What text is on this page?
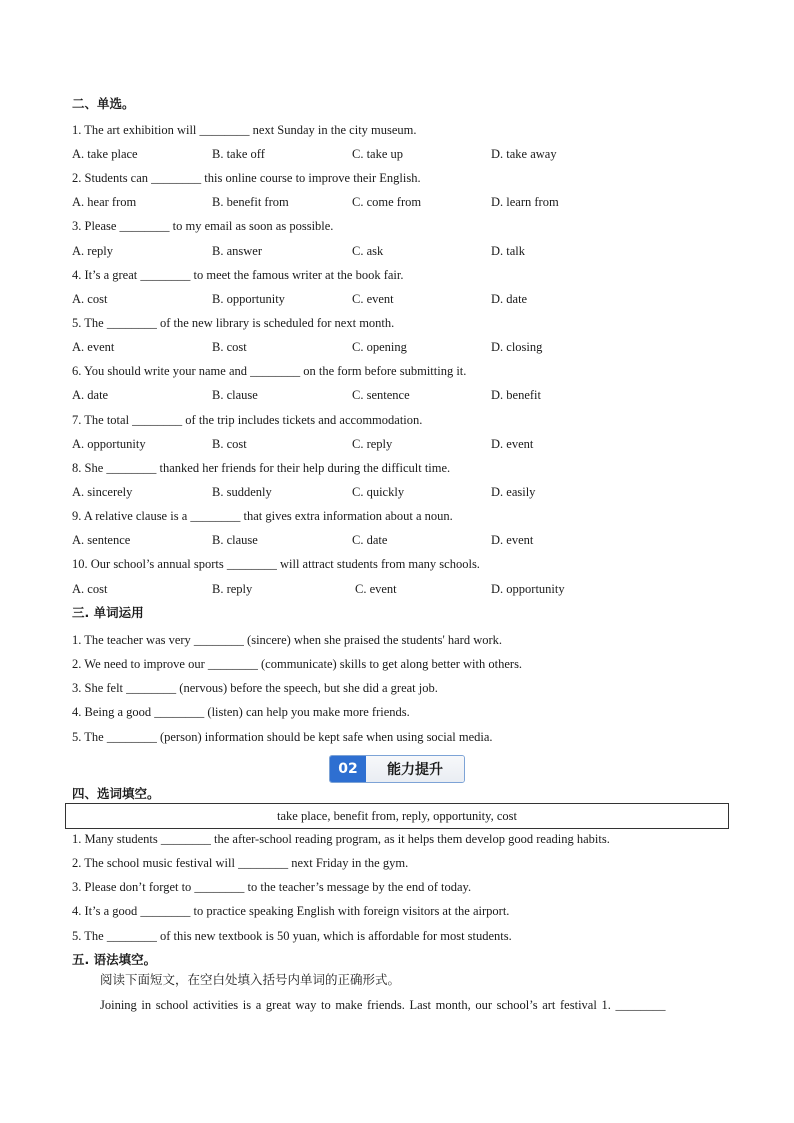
二、单选。
1. The art exhibition will ________ next Sunday in the city museum.
A. take place	B. take off	C. take up	D. take away
2. Students can ________ this online course to improve their English.
A. hear from	B. benefit from	C. come from	D. learn from
3. Please ________ to my email as soon as possible.
A. reply	B. answer	C. ask	D. talk
4. It’s a great ________ to meet the famous writer at the book fair.
A. cost	B. opportunity	C. event	D. date
5. The ________ of the new library is scheduled for next month.
A. event	B. cost	C. opening	D. closing
6. You should write your name and ________ on the form before submitting it.
A. date	B. clause	C. sentence	D. benefit
7. The total ________ of the trip includes tickets and accommodation.
A. opportunity	B. cost	C. reply	D. event
8. She ________ thanked her friends for their help during the difficult time.
A. sincerely	B. suddenly	C. quickly	D. easily
9. A relative clause is a ________ that gives extra information about a noun.
A. sentence	B. clause	C. date	D. event
10. Our school’s annual sports ________ will attract students from many schools.
A. cost	B. reply	C. event	D. opportunity
三. 单词运用
1. The teacher was very ________ (sincere) when she praised the students' hard work.
2. We need to improve our ________ (communicate) skills to get along better with others.
3. She felt ________ (nervous) before the speech, but she did a great job.
4. Being a good ________ (listen) can help you make more friends.
5. The ________ (person) information should be kept safe when using social media.
02	能力提升
四、选词填空。
take place, benefit from, reply, opportunity, cost
1. Many students ________ the after-school reading program, as it helps them develop good reading habits.
2. The school music festival will ________ next Friday in the gym.
3. Please don’t forget to ________ to the teacher’s message by the end of today.
4. It’s a good ________ to practice speaking English with foreign visitors at the airport.
5. The ________ of this new textbook is 50 yuan, which is affordable for most students.
五. 语法填空。
阅读下面短文，在空白处填入括号内单词的正确形式。
Joining in school activities is a great way to make friends. Last month, our school’s art festival 1. ________
